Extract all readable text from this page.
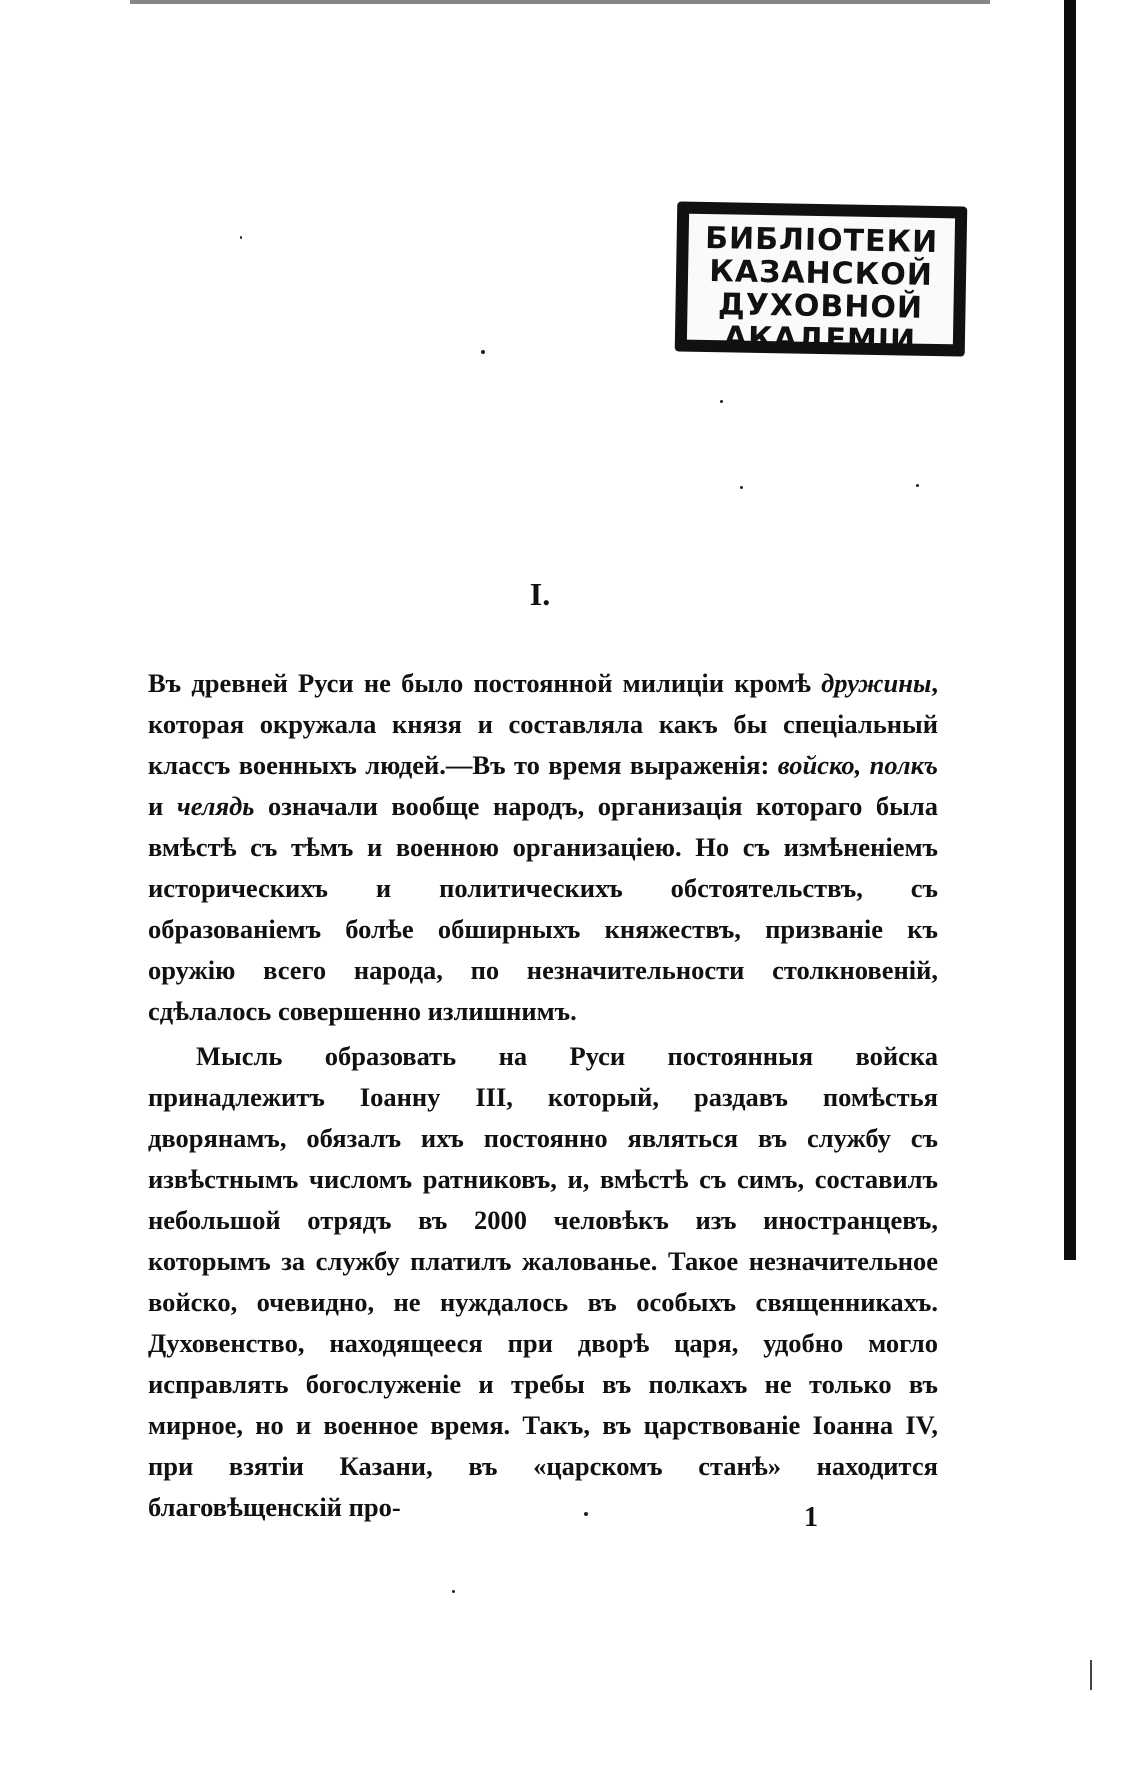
БИБЛІОТЕКИ
КАЗАНСКОЙ
ДУХОВНОЙ
АКАДЕМІИ
I.

Въ древней Руси не было постоянной милиціи кромѣ дружины, которая окружала князя и составляла какъ бы спеціальный классъ военныхъ людей.—Въ то время выраженія: войско, полкъ и челядь означали вообще народъ, организація котораго была вмѣстѣ съ тѣмъ и военною организаціею. Но съ измѣненіемъ историческихъ и политическихъ обстоятельствъ, съ образованіемъ болѣе обширныхъ княжествъ, призваніе къ оружію всего народа, по незначительности столкновеній, сдѣлалось совершенно излишнимъ.

Мысль образовать на Руси постоянныя войска принадлежитъ Іоанну III, который, раздавъ помѣстья дворянамъ, обязалъ ихъ постоянно являться въ службу съ извѣстнымъ числомъ ратниковъ, и, вмѣстѣ съ симъ, составилъ небольшой отрядъ въ 2000 человѣкъ изъ иностранцевъ, которымъ за службу платилъ жалованье. Такое незначительное войско, очевидно, не нуждалось въ особыхъ священникахъ. Духовенство, находящееся при дворѣ царя, удобно могло исправлять богослуженіе и требы въ полкахъ не только въ мирное, но и военное время. Такъ, въ царствованіе Іоанна IV, при взятіи Казани, въ «царскомъ станѣ» находится благовѣщенскій про-	1
